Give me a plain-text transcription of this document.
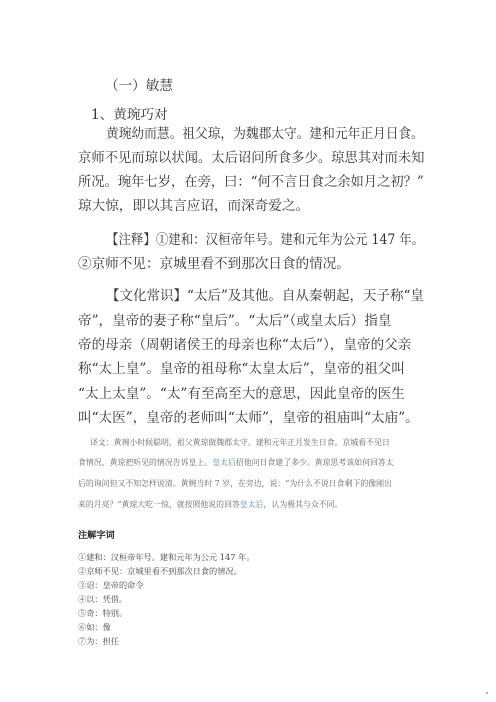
（一）敏慧
1、黄琬巧对
黄琬幼而慧。祖父琼，为魏郡太守。建和元年正月日食。
京师不见而琼以状闻。太后诏问所食多少。琼思其对而未知
所况。琬年七岁，在旁，曰：“何不言日食之余如月之初？”
琼大惊，即以其言应诏，而深奇爱之。
【注释】①建和：汉桓帝年号。建和元年为公元 147 年。
②京师不见：京城里看不到那次日食的情况。
【文化常识】“太后”及其他。自从秦朝起，天子称“皇
帝”，皇帝的妻子称“皇后”。“太后”（或皇太后）指皇
帝的母亲（周朝诸侯王的母亲也称“太后”），皇帝的父亲
称“太上皇”。皇帝的祖母称“太皇太后”，皇帝的祖父叫
“太上太皇”。“太”有至高至大的意思，因此皇帝的医生
叫“太医”，皇帝的老师叫“太师”，皇帝的祖庙叫“太庙”。
译文：黄琬小时候聪明，祖父黄琼做魏郡太守。建和元年正月发生日食。京城看不见日
食情况，黄琼把听见的情况告诉皇上。皇太后招他问日食建了多少。黄琼思考该如何回答太
后的询问但又不知怎样说清。黄婉当时 7 岁，在旁边，说：“为什么不说日食剩下的像刚出
来的月亮？”黄琼大吃一惊，就按照他说的回答皇太后，认为极其与众不同。
注解字词
①建和：汉桓帝年号。建和元年为公元 147 年。
②京师不见：京城里看不到那次日食的情况。
③诏：皇帝的命令
④以：凭借。
⑤奇：特别。
⑥如：像
⑦为：担任
